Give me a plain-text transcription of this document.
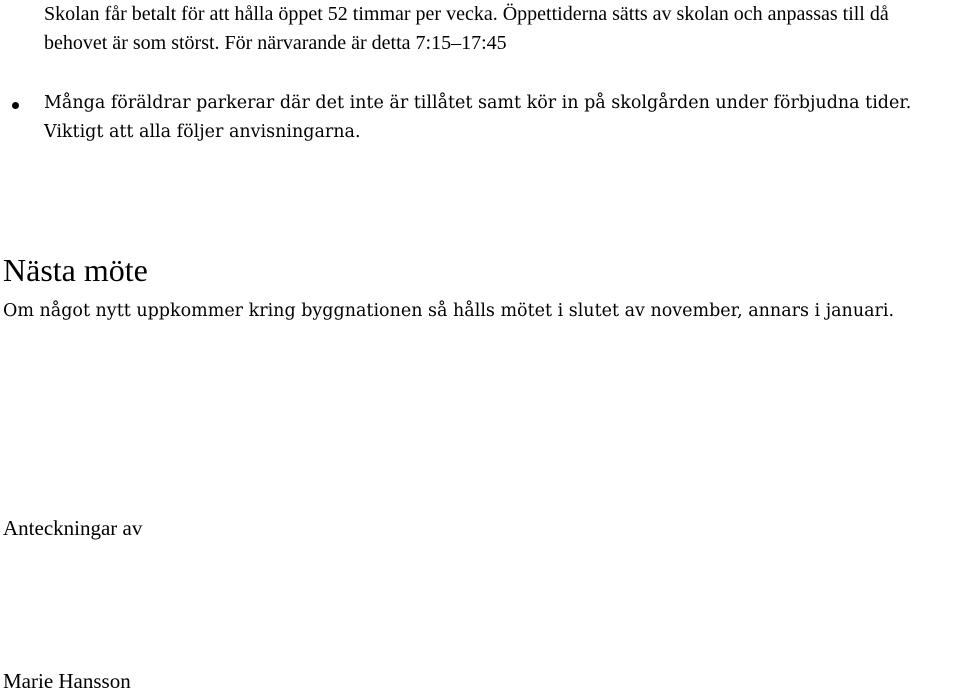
Skolan får betalt för att hålla öppet 52 timmar per vecka. Öppettiderna sätts av skolan och anpassas till då behovet är som störst. För närvarande är detta 7:15‒17:45

Många föräldrar parkerar där det inte är tillåtet samt kör in på skolgården under förbjudna tider. Viktigt att alla följer anvisningarna.

Nästa möte

Om något nytt uppkommer kring byggnationen så hålls mötet i slutet av november, annars i januari.

Anteckningar av

Marie Hansson
